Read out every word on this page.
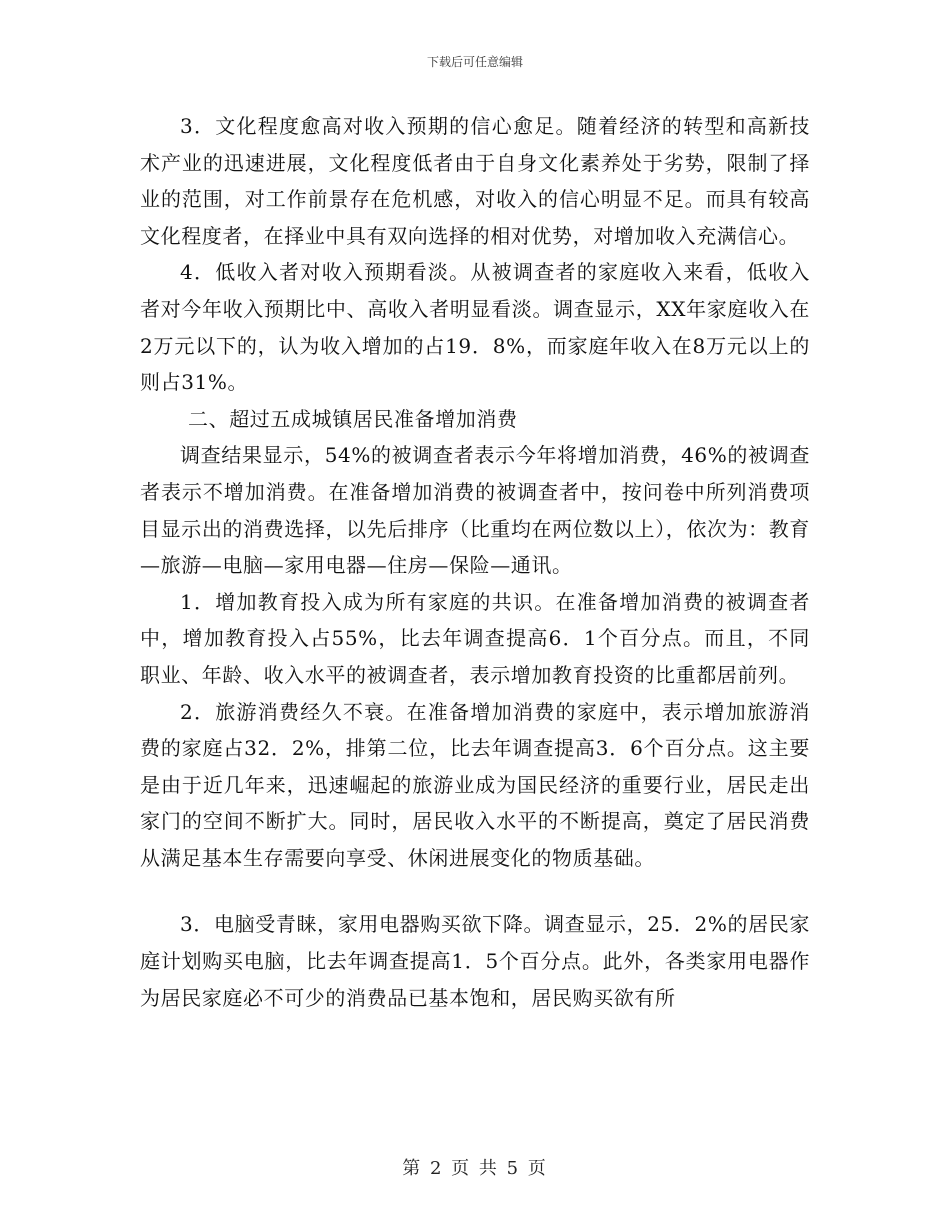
下载后可任意编辑

3．文化程度愈高对收入预期的信心愈足。随着经济的转型和高新技术产业的迅速进展，文化程度低者由于自身文化素养处于劣势，限制了择业的范围，对工作前景存在危机感，对收入的信心明显不足。而具有较高文化程度者，在择业中具有双向选择的相对优势，对增加收入充满信心。

4．低收入者对收入预期看淡。从被调查者的家庭收入来看，低收入者对今年收入预期比中、高收入者明显看淡。调查显示，XX年家庭收入在2万元以下的，认为收入增加的占19．8%，而家庭年收入在8万元以上的则占31%。

二、超过五成城镇居民准备增加消费

调查结果显示，54%的被调查者表示今年将增加消费，46%的被调查者表示不增加消费。在准备增加消费的被调查者中，按问卷中所列消费项目显示出的消费选择，以先后排序（比重均在两位数以上），依次为：教育—旅游—电脑—家用电器—住房—保险—通讯。

1．增加教育投入成为所有家庭的共识。在准备增加消费的被调查者中，增加教育投入占55%，比去年调查提高6．1个百分点。而且，不同职业、年龄、收入水平的被调查者，表示增加教育投资的比重都居前列。

2．旅游消费经久不衰。在准备增加消费的家庭中，表示增加旅游消费的家庭占32．2%，排第二位，比去年调查提高3．6个百分点。这主要是由于近几年来，迅速崛起的旅游业成为国民经济的重要行业，居民走出家门的空间不断扩大。同时，居民收入水平的不断提高，奠定了居民消费从满足基本生存需要向享受、休闲进展变化的物质基础。

3．电脑受青睐，家用电器购买欲下降。调查显示，25．2%的居民家庭计划购买电脑，比去年调查提高1．5个百分点。此外，各类家用电器作为居民家庭必不可少的消费品已基本饱和，居民购买欲有所

第 2 页 共 5 页
